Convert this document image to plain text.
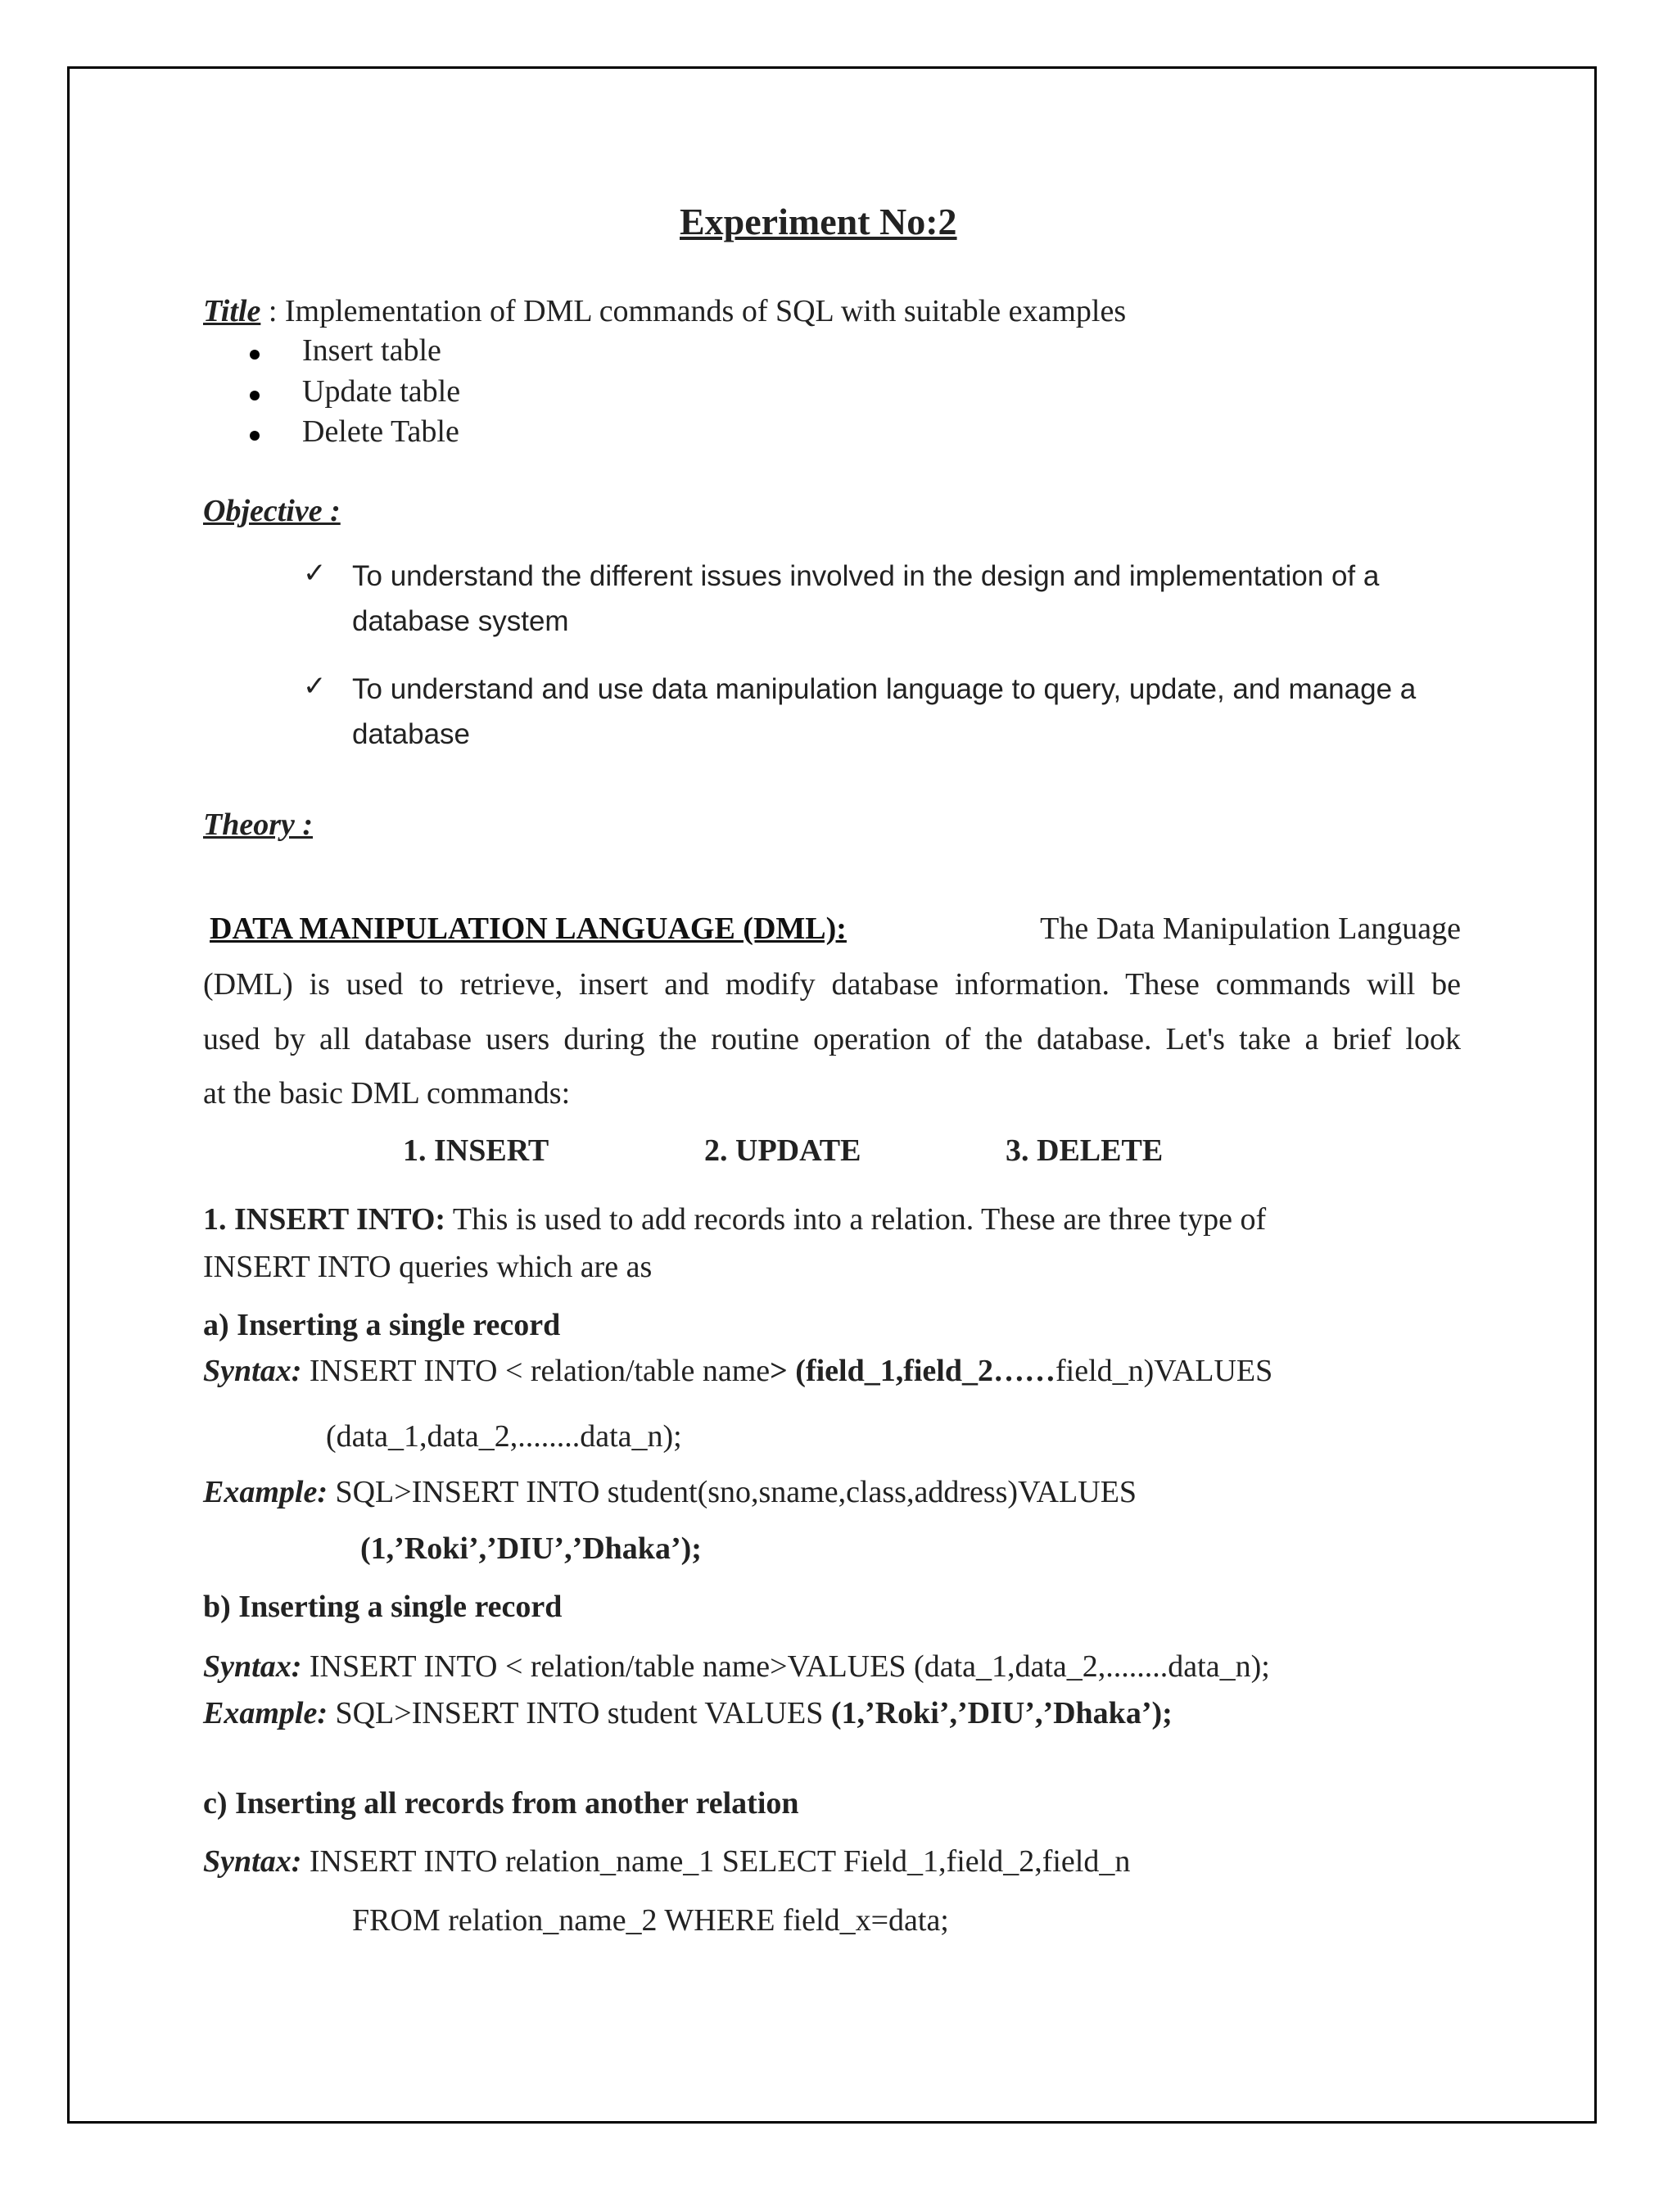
Experiment No:2
Title : Implementation of DML commands of SQL with suitable examples
Insert table
Update table
Delete Table
Objective :
✓ To understand the different issues involved in the design and implementation of a
database system
✓ To understand and use data manipulation language to query, update, and manage a
database
Theory :
DATA MANIPULATION LANGUAGE (DML):	The Data Manipulation Language
(DML) is used to retrieve, insert and modify database information. These commands will be
used by all database users during the routine operation of the database. Let's take a brief look
at the basic DML commands:
1. INSERT	2. UPDATE	3. DELETE
1. INSERT INTO: This is used to add records into a relation. These are three type of
INSERT INTO queries which are as
a) Inserting a single record
Syntax: INSERT INTO < relation/table name> (field_1,field_2……field_n)VALUES
(data_1,data_2,........data_n);
Example: SQL>INSERT INTO student(sno,sname,class,address)VALUES
(1,’Roki’,’DIU’,’Dhaka’);
b) Inserting a single record
Syntax: INSERT INTO < relation/table name>VALUES (data_1,data_2,........data_n);
Example: SQL>INSERT INTO student VALUES (1,’Roki’,’DIU’,’Dhaka’);
c) Inserting all records from another relation
Syntax: INSERT INTO relation_name_1 SELECT Field_1,field_2,field_n
FROM relation_name_2 WHERE field_x=data;
